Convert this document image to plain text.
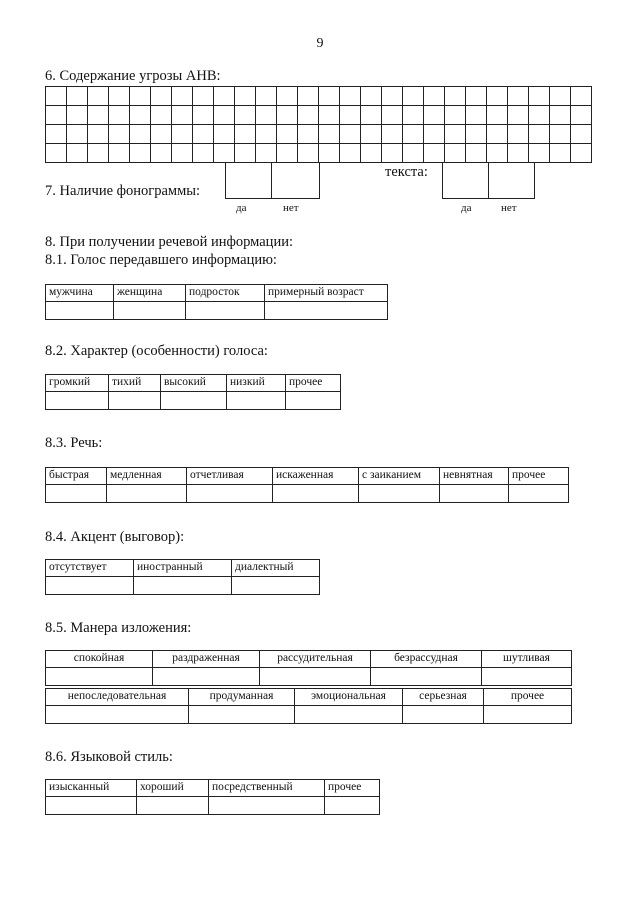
9
6. Содержание угрозы АНВ:

7. Наличие фонограммы:
да	нет
текста:
да	нет
8. При получении речевой информации:
8.1. Голос передавшего информацию:
мужчина	женщина	подросток	примерный возраст

8.2. Характер (особенности) голоса:
громкий	тихий	высокий	низкий	прочее

8.3. Речь:
быстрая	медленная	отчетливая	искаженная	с заиканием	невнятная	прочее

8.4. Акцент (выговор):
отсутствует	иностранный	диалектный

8.5. Манера изложения:
спокойная	раздраженная	рассудительная	безрассудная	шутливая

непоследовательная	продуманная	эмоциональная	серьезная	прочее

8.6. Языковой стиль:
изысканный	хороший	посредственный	прочее
